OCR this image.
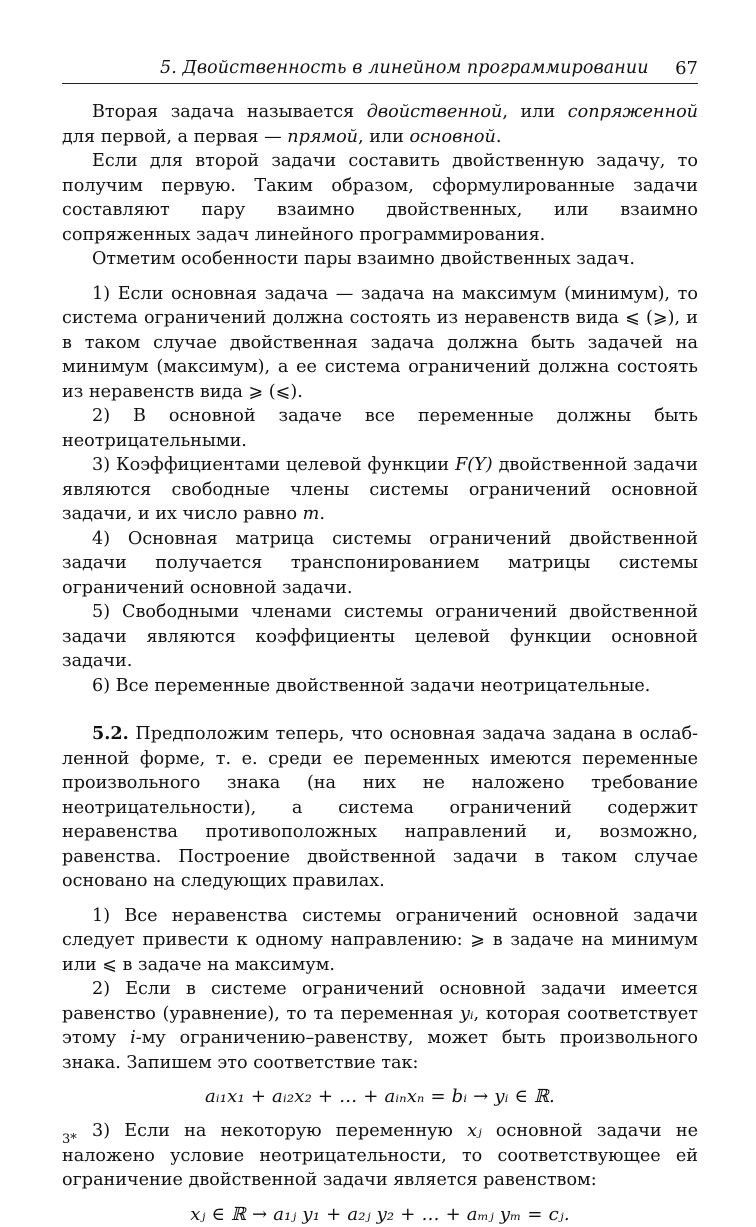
5. Двойственность в линейном программировании 67

Вторая задача называется двойственной, или сопряженной для первой, а первая — прямой, или основной.

Если для второй задачи составить двойственную задачу, то получим первую. Таким образом, сформулированные задачи составляют пару взаимно двойственных, или взаимно сопряженных задач линейного программирования.

Отметим особенности пары взаимно двойственных задач.

1) Если основная задача — задача на максимум (минимум), то система ограничений должна состоять из неравенств вида ⩽ (⩾), и в таком случае двойственная задача должна быть задачей на минимум (максимум), а ее система ограничений должна состоять из неравенств вида ⩾ (⩽).

2) В основной задаче все переменные должны быть неотрицательными.

3) Коэффициентами целевой функции F(Y) двойственной задачи являются свободные члены системы ограничений основной задачи, и их число равно m.

4) Основная матрица системы ограничений двойственной задачи получается транспонированием матрицы системы ограничений основной задачи.

5) Свободными членами системы ограничений двойственной задачи являются коэффициенты целевой функции основной задачи.

6) Все переменные двойственной задачи неотрицательные.

5.2. Предположим теперь, что основная задача задана в ослабленной форме, т. е. среди ее переменных имеются переменные произвольного знака (на них не наложено требование неотрицательности), а система ограничений содержит неравенства противоположных направлений и, возможно, равенства. Построение двойственной задачи в таком случае основано на следующих правилах.

1) Все неравенства системы ограничений основной задачи следует привести к одному направлению: ⩾ в задаче на минимум или ⩽ в задаче на максимум.

2) Если в системе ограничений основной задачи имеется равенство (уравнение), то та переменная yᵢ, которая соответствует этому i-му ограничению–равенству, может быть произвольного знака. Запишем это соответствие так:

aᵢ₁x₁ + aᵢ₂x₂ + … + aᵢₙxₙ = bᵢ → yᵢ ∈ ℝ.

3) Если на некоторую переменную xⱼ основной задачи не наложено условие неотрицательности, то соответствующее ей ограничение двойственной задачи является равенством:

xⱼ ∈ ℝ → a₁ⱼ y₁ + a₂ⱼ y₂ + … + aₘⱼ yₘ = cⱼ.

3*
